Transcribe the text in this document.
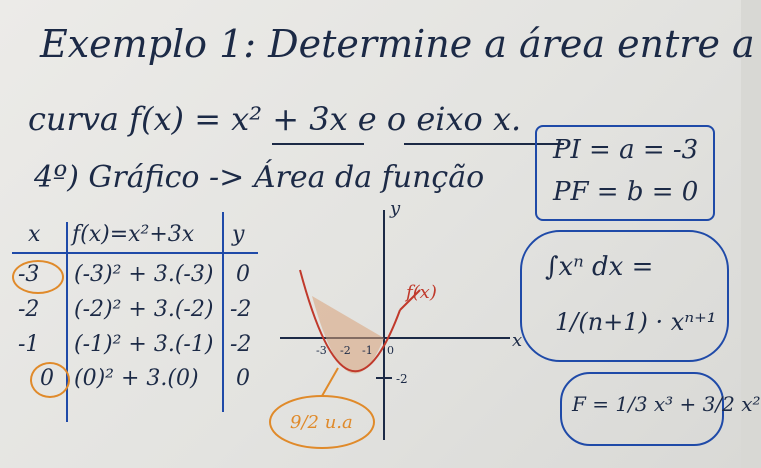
Exemplo 1: Determine a área entre a
curva f(x) = x² + 3x e o eixo x.
4º) Gráfico -> Área da função
PI = a = -3
PF = b = 0
x f(x)=x²+3x y
-3 (-3)² + 3.(-3) 0
-2 (-2)² + 3.(-2) -2
-1 (-1)² + 3.(-1) -2
0 (0)² + 3.(0) 0
y
x
f(x)
-3 -2 -1 0
-2
9/2 u.a
∫xⁿ dx =
1/(n+1) · xⁿ⁺¹
F = 1/3 x³ + 3/2 x²
